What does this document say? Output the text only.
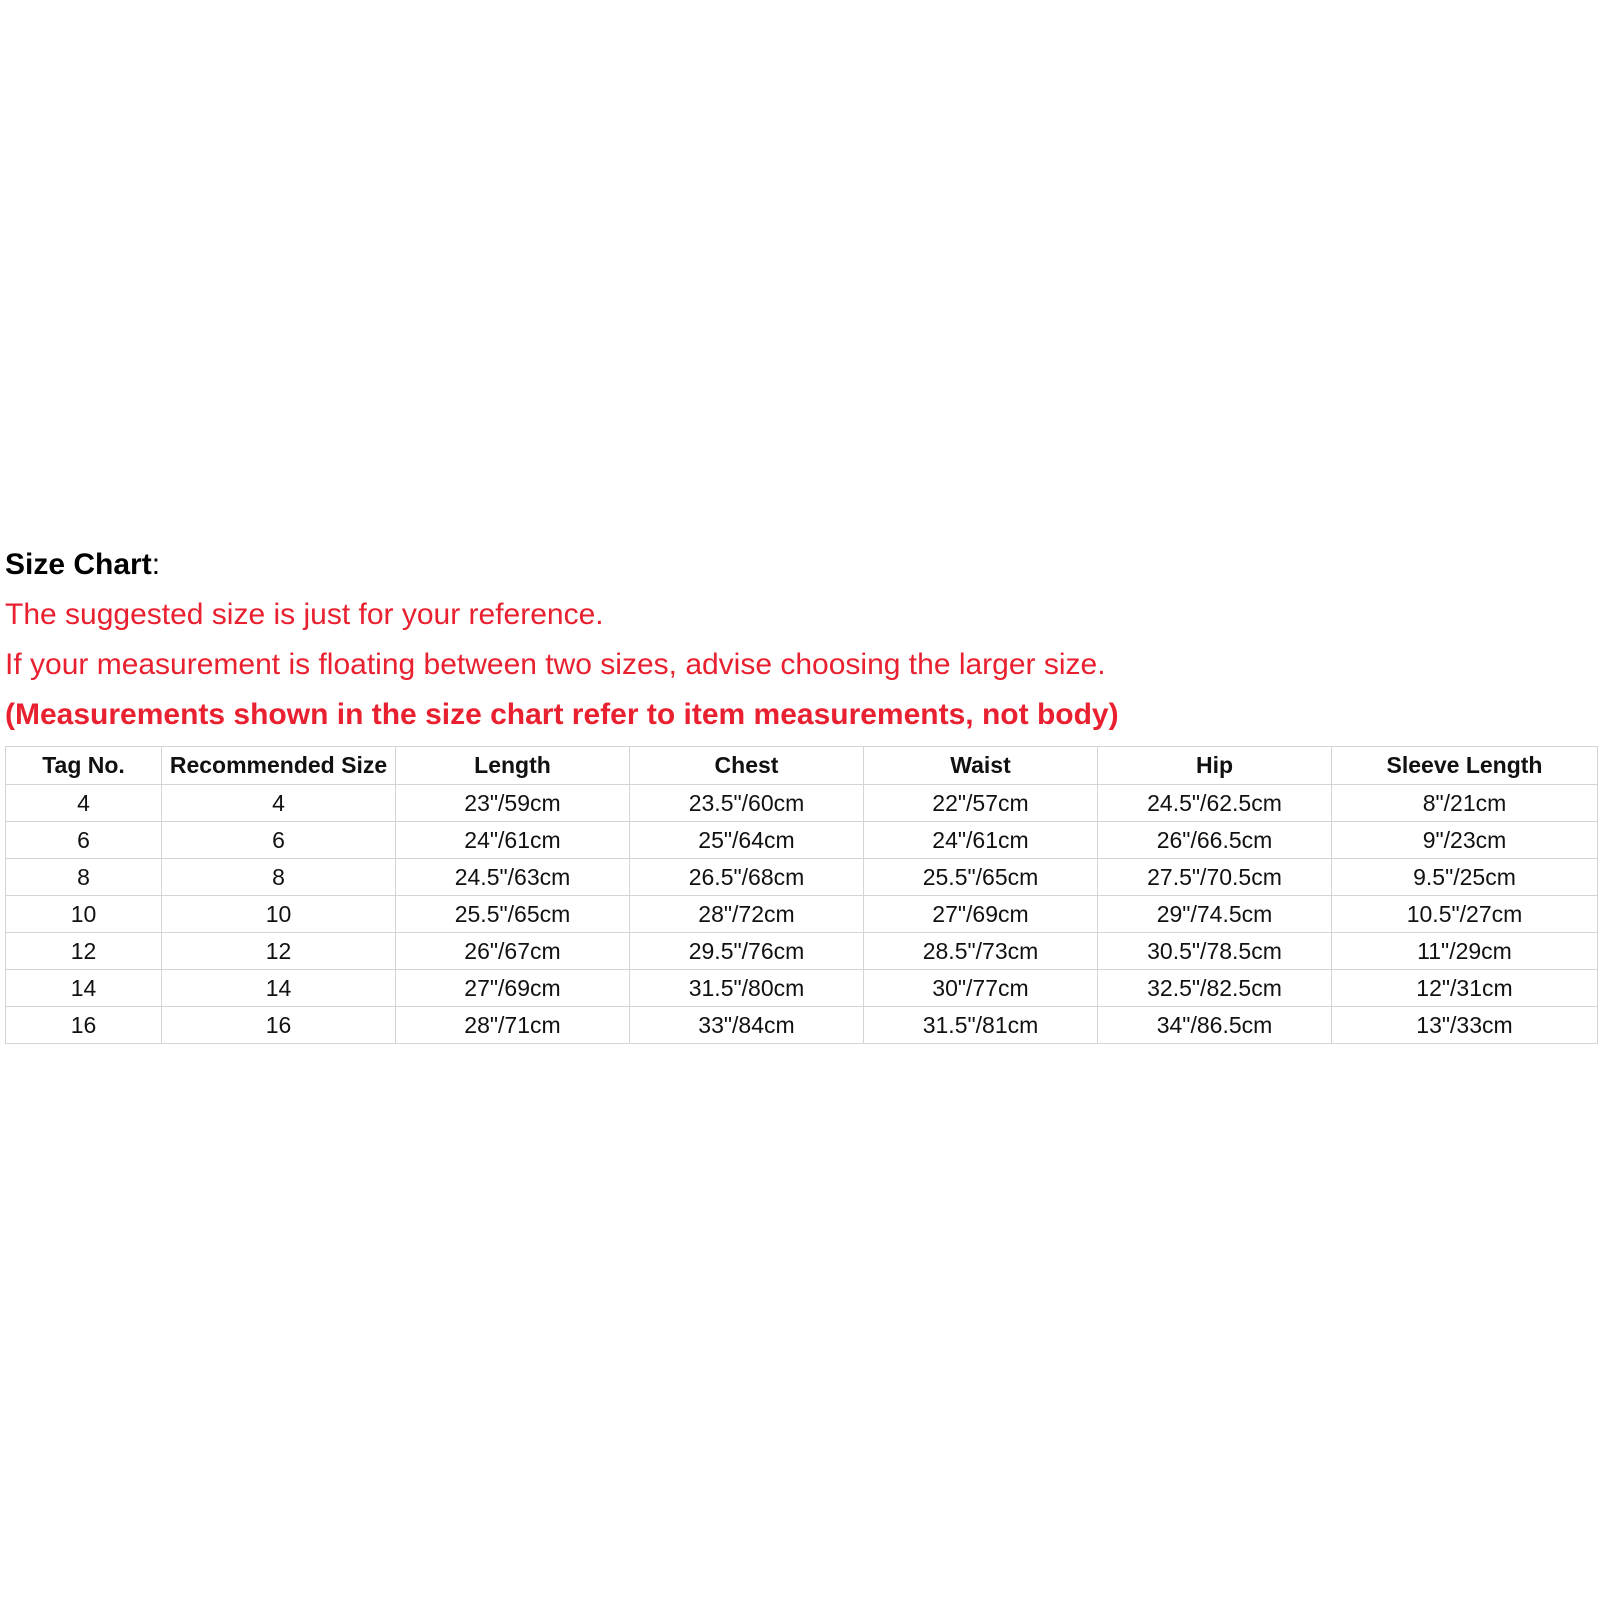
Size Chart:
The suggested size is just for your reference.
If your measurement is floating between two sizes, advise choosing the larger size.
(Measurements shown in the size chart refer to item measurements, not body)
Tag No.	Recommended Size	Length	Chest	Waist	Hip	Sleeve Length
4	4	23"/59cm	23.5"/60cm	22"/57cm	24.5"/62.5cm	8"/21cm
6	6	24"/61cm	25"/64cm	24"/61cm	26"/66.5cm	9"/23cm
8	8	24.5"/63cm	26.5"/68cm	25.5"/65cm	27.5"/70.5cm	9.5"/25cm
10	10	25.5"/65cm	28"/72cm	27"/69cm	29"/74.5cm	10.5"/27cm
12	12	26"/67cm	29.5"/76cm	28.5"/73cm	30.5"/78.5cm	11"/29cm
14	14	27"/69cm	31.5"/80cm	30"/77cm	32.5"/82.5cm	12"/31cm
16	16	28"/71cm	33"/84cm	31.5"/81cm	34"/86.5cm	13"/33cm
